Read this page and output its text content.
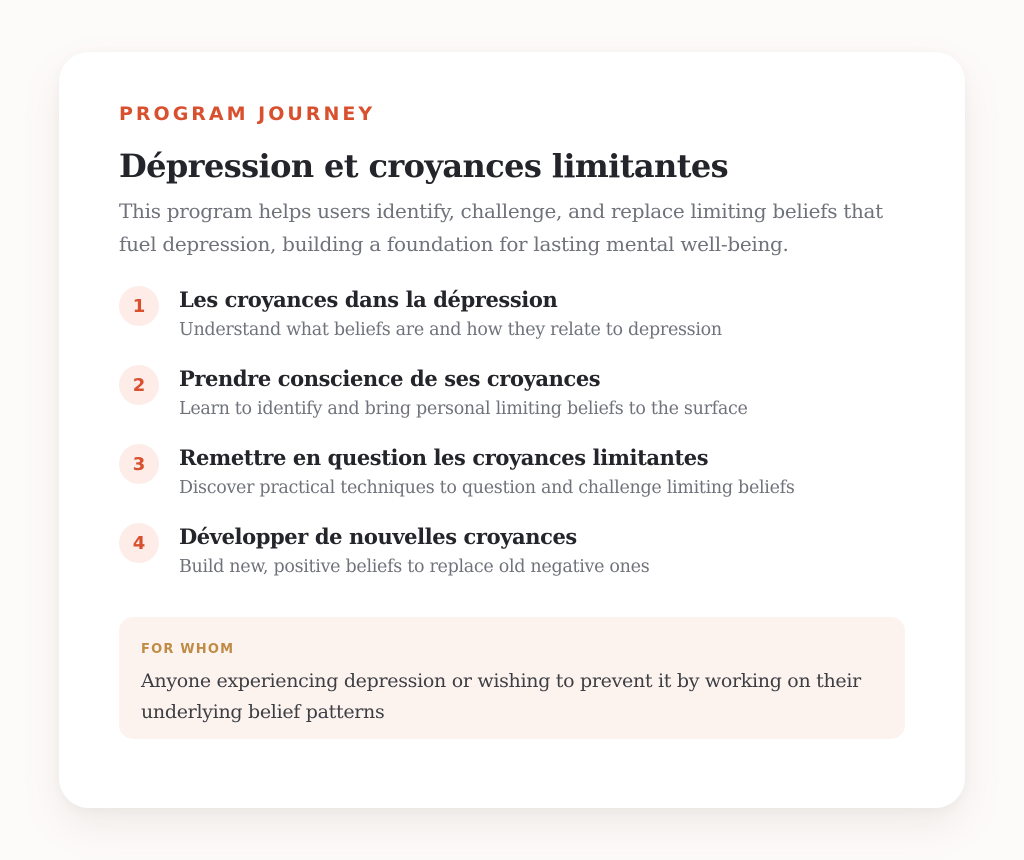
PROGRAM JOURNEY

Dépression et croyances limitantes

This program helps users identify, challenge, and replace limiting beliefs that fuel depression, building a foundation for lasting mental well-being.

1	Les croyances dans la dépression

Understand what beliefs are and how they relate to depression

2	Prendre conscience de ses croyances

Learn to identify and bring personal limiting beliefs to the surface

3	Remettre en question les croyances limitantes

Discover practical techniques to question and challenge limiting beliefs

4	Développer de nouvelles croyances

Build new, positive beliefs to replace old negative ones

FOR WHOM

Anyone experiencing depression or wishing to prevent it by working on their underlying belief patterns
